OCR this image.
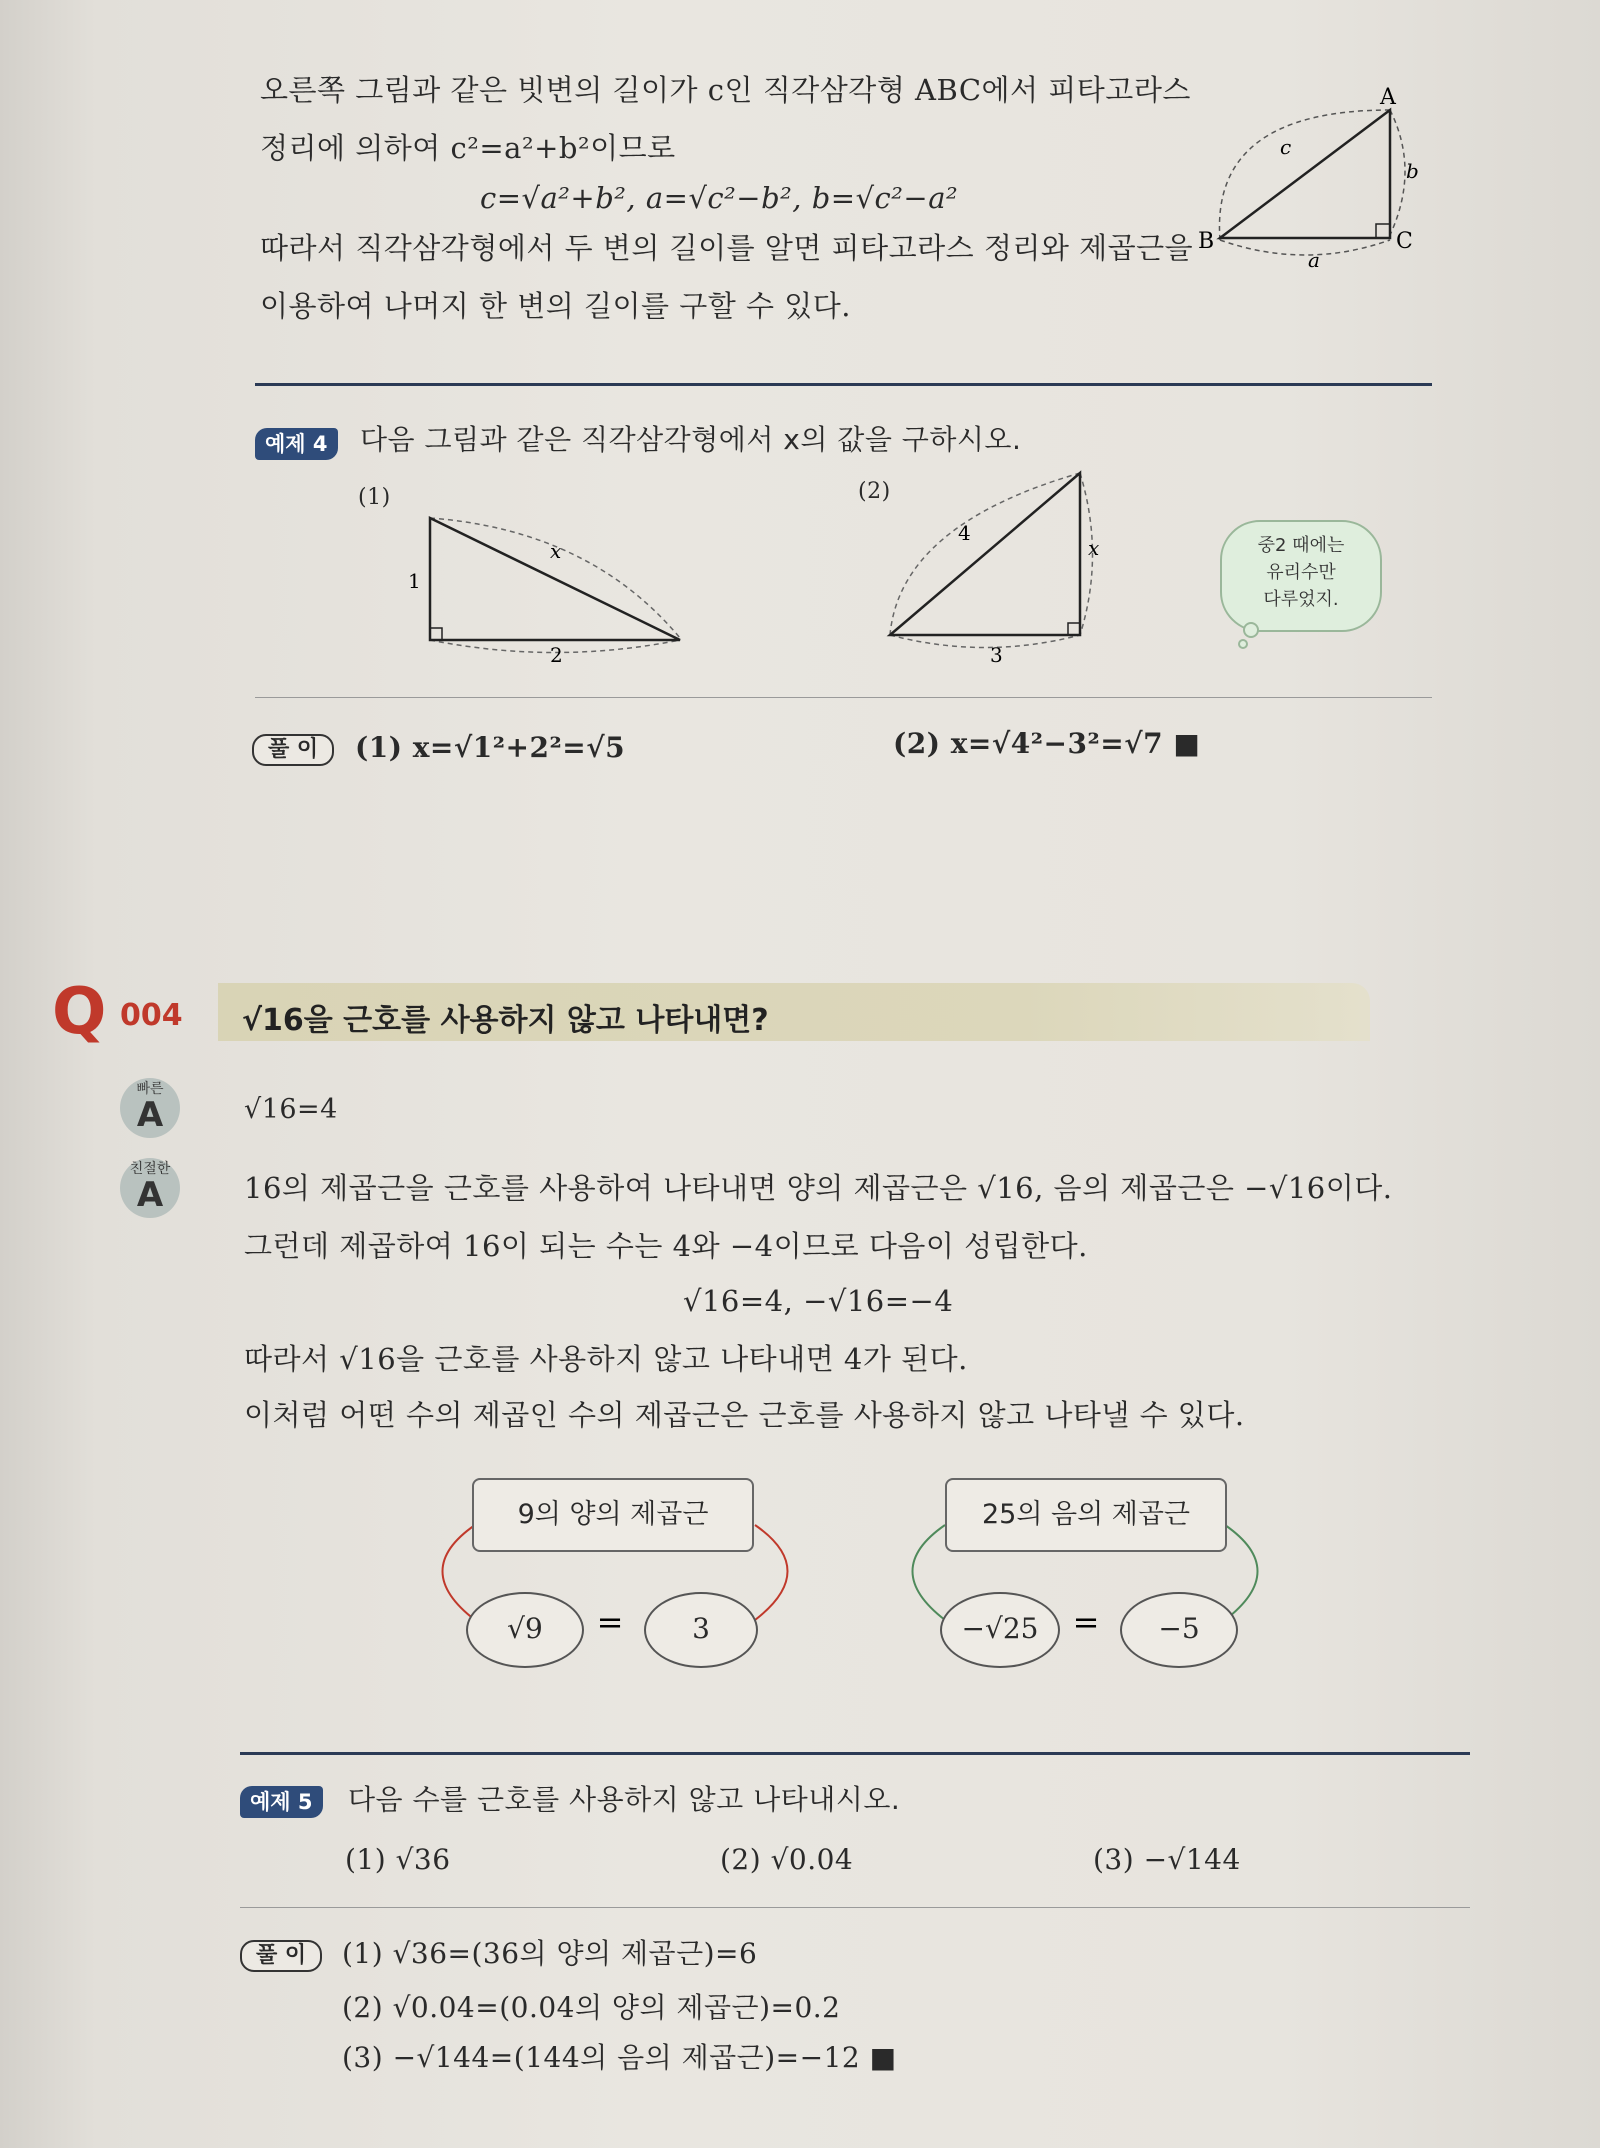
오른쪽 그림과 같은 빗변의 길이가 c인 직각삼각형 ABC에서 피타고라스
정리에 의하여 c²=a²+b²이므로
c=√a²+b², a=√c²−b², b=√c²−a²
따라서 직각삼각형에서 두 변의 길이를 알면 피타고라스 정리와 제곱근을
이용하여 나머지 한 변의 길이를 구할 수 있다.
A
B	C
a
b
c
예제 4	다음 그림과 같은 직각삼각형에서 x의 값을 구하시오.
(1)
1
2
x
(2)
4
3
x	중2 때에는
유리수만
다루었지.
풀 이	(1) x=√1²+2²=√5	(2) x=√4²−3²=√7 ■
Q 004 √16을 근호를 사용하지 않고 나타내면?
빠른
A	√16=4
친절한
A	16의 제곱근을 근호를 사용하여 나타내면 양의 제곱근은 √16, 음의 제곱근은 −√16이다.
그런데 제곱하여 16이 되는 수는 4와 −4이므로 다음이 성립한다.
√16=4, −√16=−4
따라서 √16을 근호를 사용하지 않고 나타내면 4가 된다.
이처럼 어떤 수의 제곱인 수의 제곱근은 근호를 사용하지 않고 나타낼 수 있다.
=
9의 양의 제곱근
√9	3	=
25의 음의 제곱근
−√25	−5
예제 5	다음 수를 근호를 사용하지 않고 나타내시오.
(1) √36	(2) √0.04	(3) −√144
풀 이	(1) √36=(36의 양의 제곱근)=6
(2) √0.04=(0.04의 양의 제곱근)=0.2
(3) −√144=(144의 음의 제곱근)=−12 ■
